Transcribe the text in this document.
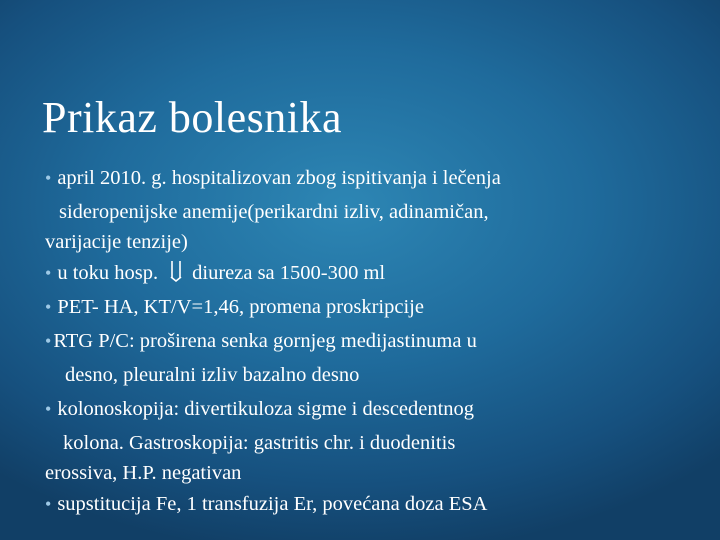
Prikaz bolesnika
• april 2010. g. hospitalizovan zbog ispitivanja i lečenja
sideropenijske anemije(perikardni izliv, adinamičan,
varijacije tenzije)
• u toku hosp. diureza sa 1500-300 ml
• PET- HA, KT/V=1,46, promena proskripcije
•RTG P/C: proširena senka gornjeg medijastinuma u
desno, pleuralni izliv bazalno desno
• kolonoskopija: divertikuloza sigme i descedentnog
kolona. Gastroskopija: gastritis chr. i duodenitis
erossiva, H.P. negativan
• supstitucija Fe, 1 transfuzija Er, povećana doza ESA
